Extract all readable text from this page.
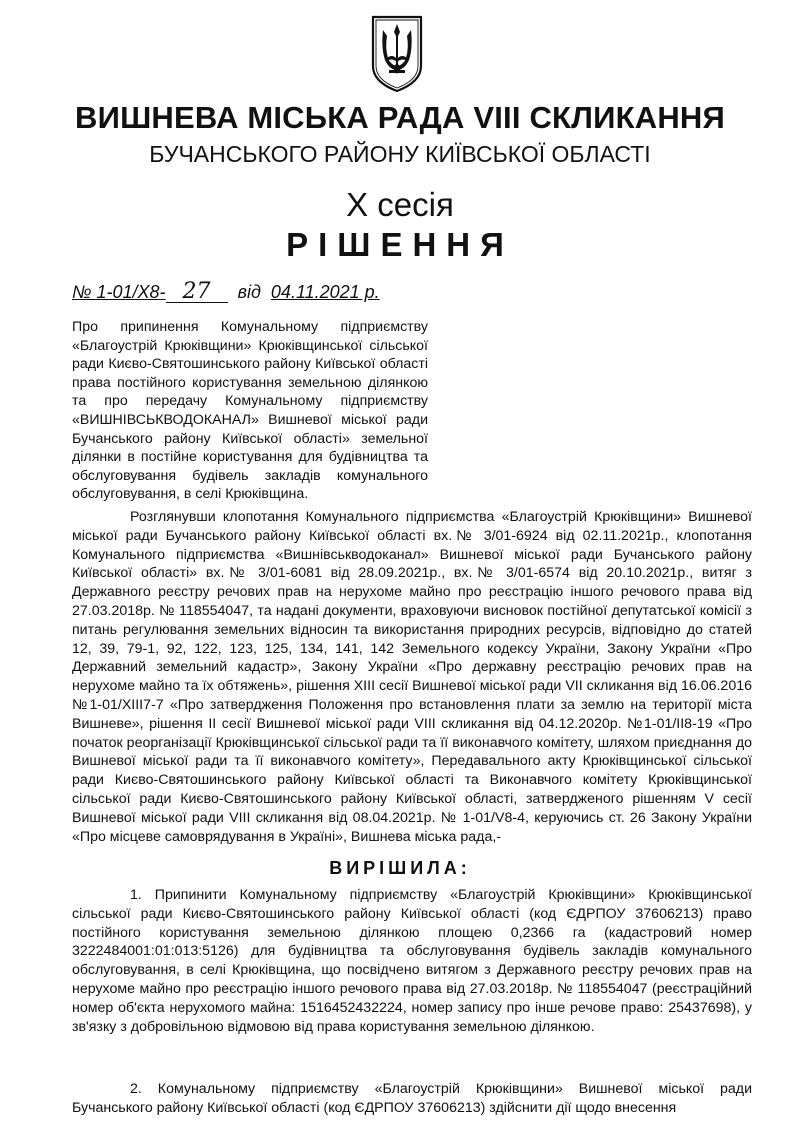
ВИШНЕВА МІСЬКА РАДА VIII СКЛИКАННЯ
БУЧАНСЬКОГО РАЙОНУ КИЇВСЬКОЇ ОБЛАСТІ
X сесія
РІШЕННЯ
№ 1-01/X8- 27 від 04.11.2021 р.
Про припинення Комунальному підприємству «Благоустрій Крюківщини» Крюківщинської сільської ради Києво-Святошинського району Київської області права постійного користування земельною ділянкою та про передачу Комунальному підприємству «ВИШНІВСЬКВОДОКАНАЛ» Вишневої міської ради Бучанського району Київської області» земельної ділянки в постійне користування для будівництва та обслуговування будівель закладів комунального обслуговування, в селі Крюківщина.
Розглянувши клопотання Комунального підприємства «Благоустрій Крюківщини» Вишневої міської ради Бучанського району Київської області вх.№ 3/01-6924 від 02.11.2021р., клопотання Комунального підприємства «Вишнівськводоканал» Вишневої міської ради Бучанського району Київської області» вх.№ 3/01-6081 від 28.09.2021р., вх.№ 3/01-6574 від 20.10.2021р., витяг з Державного реєстру речових прав на нерухоме майно про реєстрацію іншого речового права від 27.03.2018р. № 118554047, та надані документи, враховуючи висновок постійної депутатської комісії з питань регулювання земельних відносин та використання природних ресурсів, відповідно до статей 12, 39, 79-1, 92, 122, 123, 125, 134, 141, 142 Земельного кодексу України, Закону України «Про Державний земельний кадастр», Закону України «Про державну реєстрацію речових прав на нерухоме майно та їх обтяжень», рішення XIII сесії Вишневої міської ради VII скликання від 16.06.2016 №1-01/XIII7-7 «Про затвердження Положення про встановлення плати за землю на території міста Вишневе», рішення II сесії Вишневої міської ради VIII скликання від 04.12.2020р. №1-01/II8-19 «Про початок реорганізації Крюківщинської сільської ради та її виконавчого комітету, шляхом приєднання до Вишневої міської ради та її виконавчого комітету», Передавального акту Крюківщинської сільської ради Києво-Святошинського району Київської області та Виконавчого комітету Крюківщинської сільської ради Києво-Святошинського району Київської області, затвердженого рішенням V сесії Вишневої міської ради VIII скликання від 08.04.2021р. № 1-01/V8-4, керуючись ст. 26 Закону України «Про місцеве самоврядування в Україні», Вишнева міська рада,-
ВИРІШИЛА:
1. Припинити Комунальному підприємству «Благоустрій Крюківщини» Крюківщинської сільської ради Києво-Святошинського району Київської області (код ЄДРПОУ 37606213) право постійного користування земельною ділянкою площею 0,2366 га (кадастровий номер 3222484001:01:013:5126) для будівництва та обслуговування будівель закладів комунального обслуговування, в селі Крюківщина, що посвідчено витягом з Державного реєстру речових прав на нерухоме майно про реєстрацію іншого речового права від 27.03.2018р. № 118554047 (реєстраційний номер об'єкта нерухомого майна: 1516452432224, номер запису про інше речове право: 25437698), у зв'язку з добровільною відмовою від права користування земельною ділянкою.
2. Комунальному підприємству «Благоустрій Крюківщини» Вишневої міської ради Бучанського району Київської області (код ЄДРПОУ 37606213) здійснити дії щодо внесення
